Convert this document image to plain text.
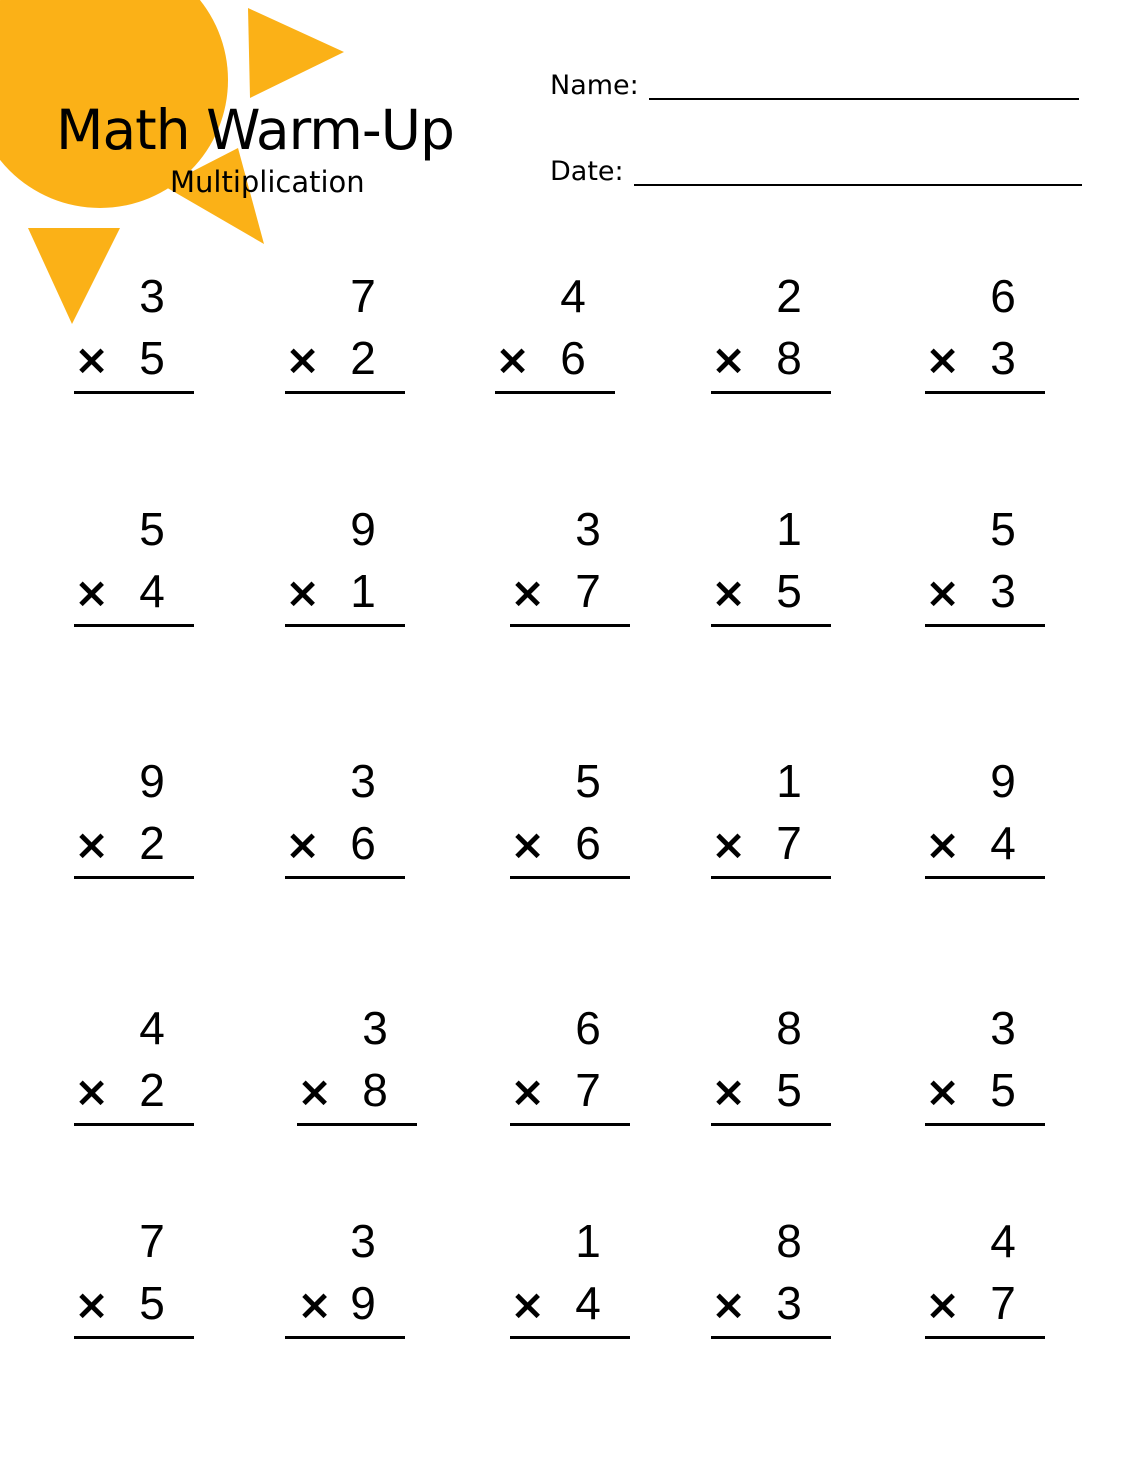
Math Warm-Up
Multiplication
Name:
Date:
3
× 5
7
× 2
4
× 6
2
× 8
6
× 3
5
× 4
9
× 1
3
× 7
1
× 5
5
× 3
9
× 2
3
× 6
5
× 6
1
× 7
9
× 4
4
× 2
3
× 8
6
× 7
8
× 5
3
× 5
7
× 5
3
× 9
1
× 4
8
× 3
4
× 7
